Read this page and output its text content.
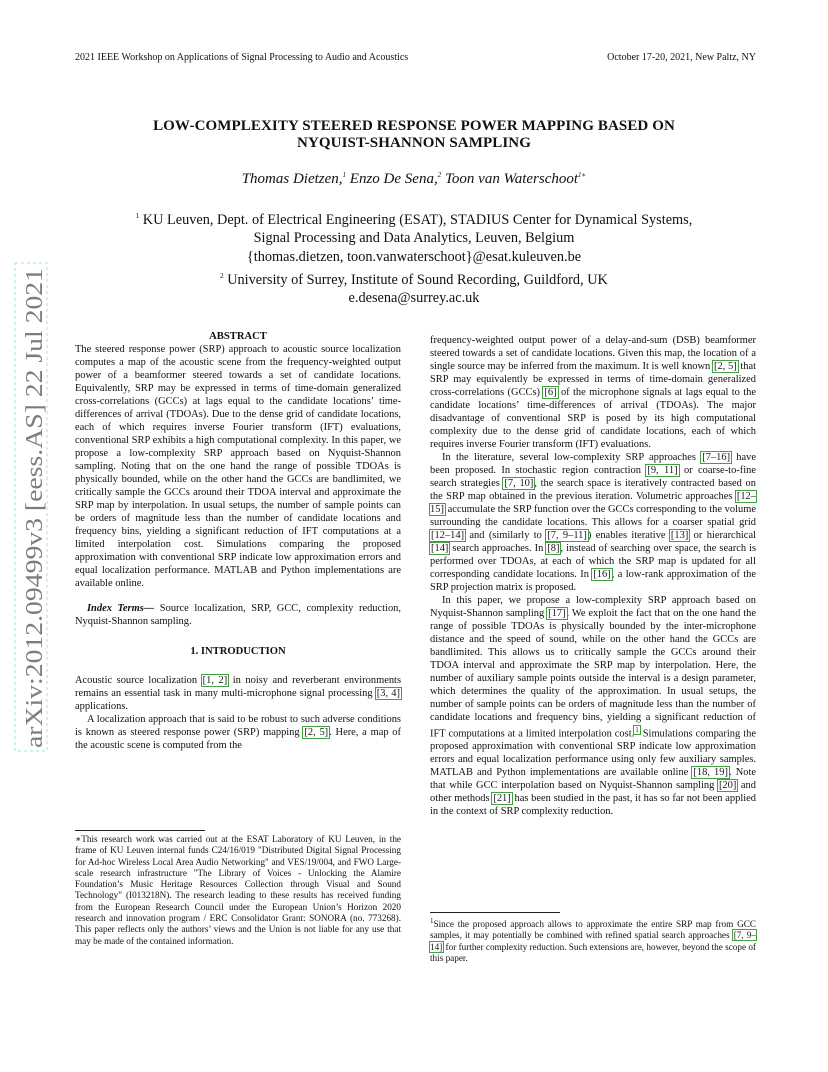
2021 IEEE Workshop on Applications of Signal Processing to Audio and Acoustics	October 17-20, 2021, New Paltz, NY
LOW-COMPLEXITY STEERED RESPONSE POWER MAPPING BASED ON
NYQUIST-SHANNON SAMPLING
Thomas Dietzen,$^1$ Enzo De Sena,$^2$ Toon van Waterschoot$^{1∗}$
$^1$ KU Leuven, Dept. of Electrical Engineering (ESAT), STADIUS Center for Dynamical Systems,
Signal Processing and Data Analytics, Leuven, Belgium
{thomas.dietzen, toon.vanwaterschoot}@esat.kuleuven.be
$^2$ University of Surrey, Institute of Sound Recording, Guildford, UK
e.desena@surrey.ac.uk
arXiv:2012.09499v3 [eess.AS] 22 Jul 2021	ABSTRACT

The steered response power (SRP) approach to acoustic source localization computes a map of the acoustic scene from the frequency-weighted output power of a beamformer steered towards a set of candidate locations. Equivalently, SRP may be expressed in terms of time-domain generalized cross-correlations (GCCs) at lags equal to the candidate locations’ time-differences of arrival (TDOAs). Due to the dense grid of candidate locations, each of which requires inverse Fourier transform (IFT) evaluations, conventional SRP exhibits a high computational complexity. In this paper, we propose a low-complexity SRP approach based on Nyquist-Shannon sampling. Noting that on the one hand the range of possible TDOAs is physically bounded, while on the other hand the GCCs are bandlimited, we critically sample the GCCs around their TDOA interval and approximate the SRP map by interpolation. In usual setups, the number of sample points can be orders of magnitude less than the number of candidate locations and frequency bins, yielding a significant reduction of IFT computations at a limited interpolation cost. Simulations comparing the proposed approximation with conventional SRP indicate low approximation errors and equal localization performance. MATLAB and Python implementations are available online.

Index Terms— Source localization, SRP, GCC, complexity reduction, Nyquist-Shannon sampling.

1. INTRODUCTION

Acoustic source localization [1, 2] in noisy and reverberant environments remains an essential task in many multi-microphone signal processing [3, 4] applications.

A localization approach that is said to be robust to such adverse conditions is known as steered response power (SRP) mapping [2, 5]. Here, a map of the acoustic scene is computed from the

∗This research work was carried out at the ESAT Laboratory of KU Leuven, in the frame of KU Leuven internal funds C24/16/019 "Distributed Digital Signal Processing for Ad-hoc Wireless Local Area Audio Networking" and VES/19/004, and FWO Large-scale research infrastructure "The Library of Voices - Unlocking the Alamire Foundation’s Music Heritage Resources Collection through Visual and Sound Technology" (I013218N). The research leading to these results has received funding from the European Research Council under the European Union’s Horizon 2020 research and innovation program / ERC Consolidator Grant: SONORA (no. 773268). This paper reflects only the authors’ views and the Union is not liable for any use that may be made of the contained information.

frequency-weighted output power of a delay-and-sum (DSB) beamformer steered towards a set of candidate locations. Given this map, the location of a single source may be inferred from the maximum. It is well known [2, 5] that SRP may equivalently be expressed in terms of time-domain generalized cross-correlations (GCCs) [6] of the microphone signals at lags equal to the candidate locations’ time-differences of arrival (TDOAs). The major disadvantage of conventional SRP is posed by its high computational complexity due to the dense grid of candidate locations, each of which requires inverse Fourier transform (IFT) evaluations.

In the literature, several low-complexity SRP approaches [7–16] have been proposed. In stochastic region contraction [9, 11] or coarse-to-fine search strategies [7, 10], the search space is iteratively contracted based on the SRP map obtained in the previous iteration. Volumetric approaches [12–15] accumulate the SRP function over the GCCs corresponding to the volume surrounding the candidate locations. This allows for a coarser spatial grid [12–14] and (similarly to [7, 9–11]) enables iterative [13] or hierarchical [14] search approaches. In [8], instead of searching over space, the search is performed over TDOAs, at each of which the SRP map is updated for all corresponding candidate locations. In [16], a low-rank approximation of the SRP projection matrix is proposed.

In this paper, we propose a low-complexity SRP approach based on Nyquist-Shannon sampling [17]. We exploit the fact that on the one hand the range of possible TDOAs is physically bounded by the inter-microphone distance and the speed of sound, while on the other hand the GCCs are bandlimited. This allows us to critically sample the GCCs around their TDOA interval and approximate the SRP map by interpolation. Here, the number of auxiliary sample points outside the interval is a design parameter, which determines the quality of the approximation. In usual setups, the number of sample points can be orders of magnitude less than the number of candidate locations and frequency bins, yielding a significant reduction of IFT computations at a limited interpolation cost.$^1$ Simulations comparing the proposed approximation with conventional SRP indicate low approximation errors and equal localization performance using only few auxiliary samples. MATLAB and Python implementations are available online [18, 19]. Note that while GCC interpolation based on Nyquist-Shannon sampling [20] and other methods [21] has been studied in the past, it has so far not been applied in the context of SRP complexity reduction.

$^1$Since the proposed approach allows to approximate the entire SRP map from GCC samples, it may potentially be combined with refined spatial search approaches [7, 9–14] for further complexity reduction. Such extensions are, however, beyond the scope of this paper.
